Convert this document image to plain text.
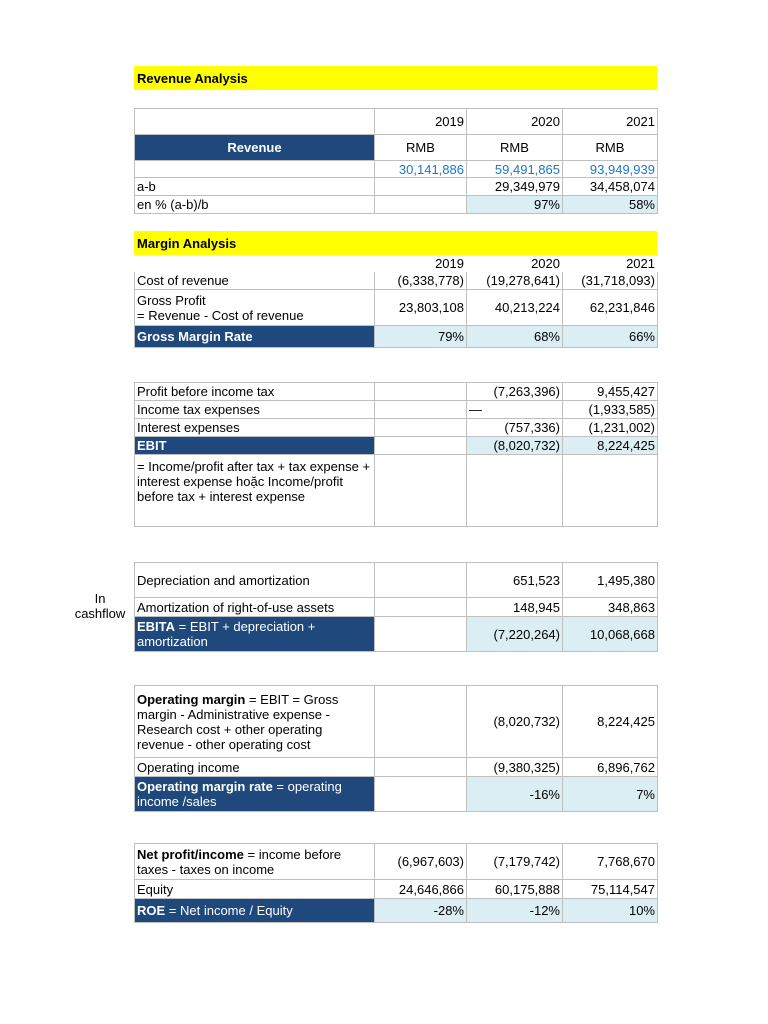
Revenue Analysis
	2019	2020	2021
Revenue	RMB	RMB	RMB
	30,141,886	59,491,865	93,949,939
a-b		29,349,979	34,458,074
en % (a-b)/b		97%	58%
Margin Analysis
	2019	2020	2021
Cost of revenue	(6,338,778)	(19,278,641)	(31,718,093)

Gross Profit
= Revenue - Cost of revenue	23,803,108	40,213,224	62,231,846
Gross Margin Rate	79%	68%	66%
Profit before income tax		(7,263,396)	9,455,427
Income tax expenses		—	(1,933,585)
Interest expenses		(757,336)	(1,231,002)
EBIT		(8,020,732)	8,224,425
= Income/profit after tax + tax expense + interest expense hoặc Income/profit before tax + interest expense			
In cashflow
Depreciation and amortization		651,523	1,495,380
Amortization of right-of-use assets		148,945	348,863
EBITA = EBIT + depreciation + amortization		(7,220,264)	10,068,668
Operating margin = EBIT = Gross margin - Administrative expense - Research cost + other operating revenue - other operating cost		(8,020,732)	8,224,425
Operating income		(9,380,325)	6,896,762
Operating margin rate = operating income /sales		-16%	7%
Net profit/income = income before taxes - taxes on income	(6,967,603)	(7,179,742)	7,768,670
Equity	24,646,866	60,175,888	75,114,547
ROE = Net income / Equity	-28%	-12%	10%
